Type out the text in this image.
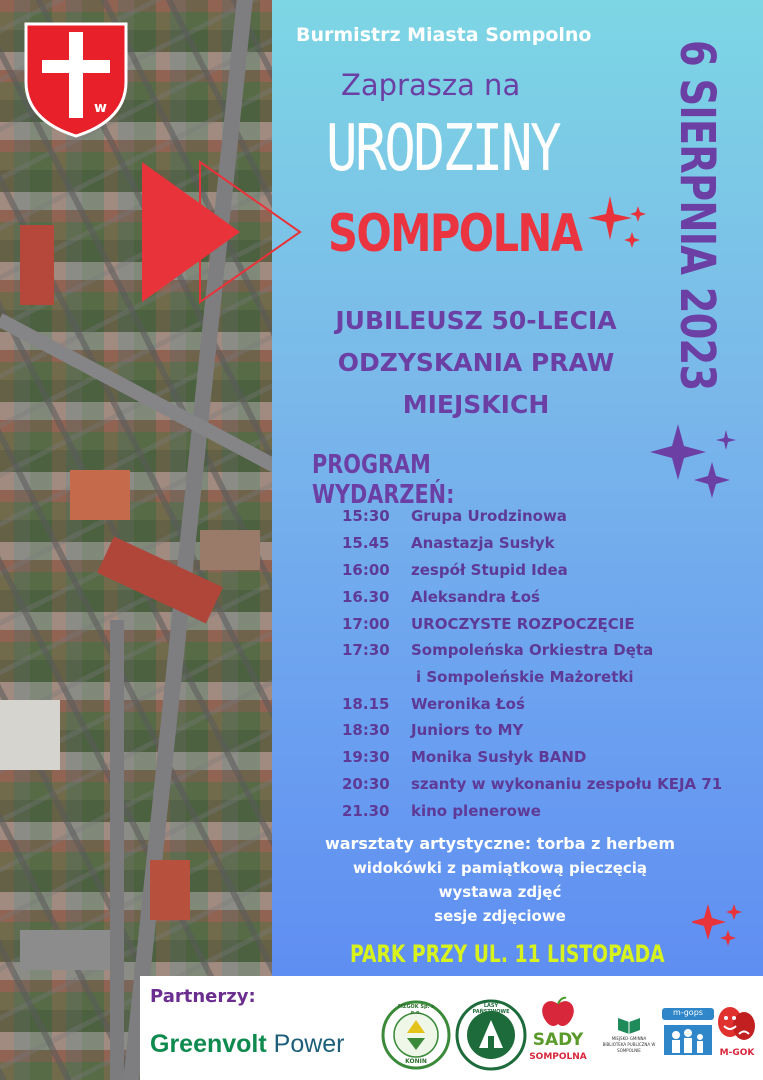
w
Burmistrz Miasta Sompolno
Zaprasza na
URODZINY
SOMPOLNA 6 SIERPNIA 2023
JUBILEUSZ 50-LECIA
ODZYSKANIA PRAW
MIEJSKICH
PROGRAM WYDARZEŃ:
15:30	Grupa Urodzinowa
15.45	Anastazja Susłyk
16:00	zespół Stupid Idea
16.30	Aleksandra Łoś
17:00	UROCZYSTE ROZPOCZĘCIE
17:30	Sompoleńska Orkiestra Dęta
i Sompoleńskie Mażoretki
18.15	Weronika Łoś
18:30	Juniors to MY
19:30	Monika Susłyk BAND
20:30	szanty w wykonaniu zespołu KEJA 71
21.30	kino plenerowe
warsztaty artystyczne: torba z herbem
widokówki z pamiątkową pieczęcią
wystawa zdjęć
sesje zdjęciowe
PARK PRZY UL. 11 LISTOPADA
Partnerzy:
Greenvolt Power
MZGOK Sp. z o.o.
KONIN
LASY PAŃSTWOWE
SADY
SOMPOLNA
MIEJSKO-GMINNA BIBLIOTEKA PUBLICZNA W SOMPOLNIE
m-gops
M-GOK
